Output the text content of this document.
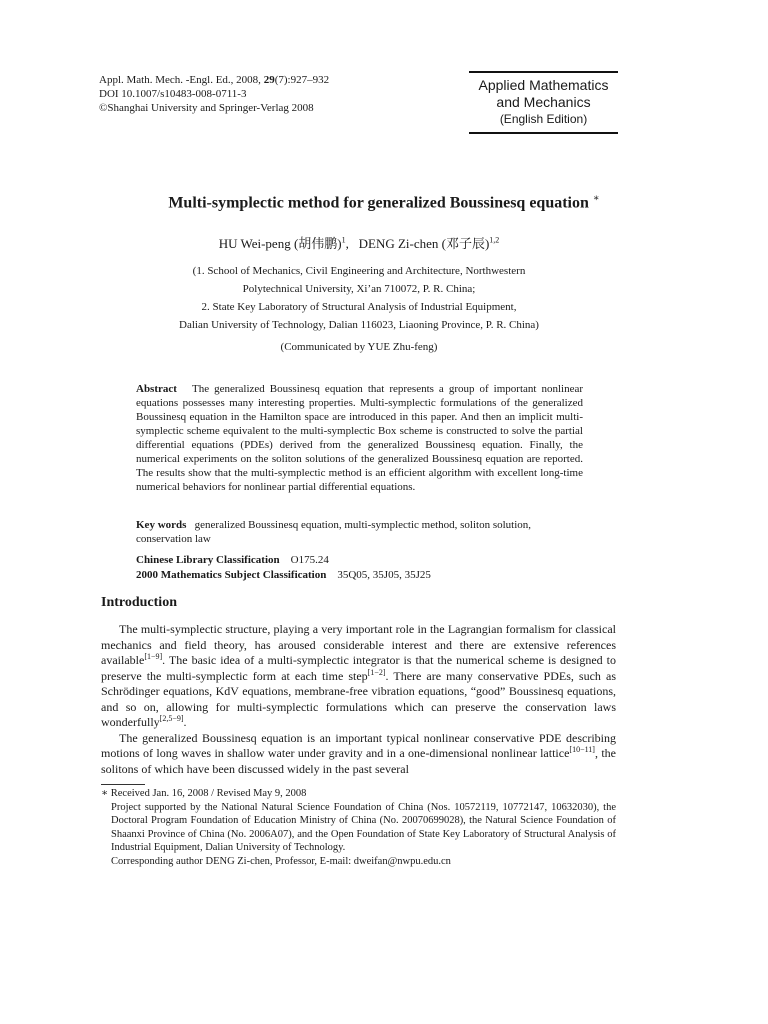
Appl. Math. Mech. -Engl. Ed., 2008, 29(7):927–932
DOI 10.1007/s10483-008-0711-3
©Shanghai University and Springer-Verlag 2008
Applied Mathematics
and Mechanics
(English Edition)
Multi-symplectic method for generalized Boussinesq equation ∗
HU Wei-peng (胡伟鹏)$^1$,   DENG Zi-chen (邓子辰)$^{1,2}$
(1. School of Mechanics, Civil Engineering and Architecture, Northwestern
Polytechnical University, Xi’an 710072, P. R. China;
2. State Key Laboratory of Structural Analysis of Industrial Equipment,
Dalian University of Technology, Dalian 116023, Liaoning Province, P. R. China)
(Communicated by YUE Zhu-feng)
Abstract The generalized Boussinesq equation that represents a group of important nonlinear equations possesses many interesting properties. Multi-symplectic formulations of the generalized Boussinesq equation in the Hamilton space are introduced in this paper. And then an implicit multi-symplectic scheme equivalent to the multi-symplectic Box scheme is constructed to solve the partial differential equations (PDEs) derived from the generalized Boussinesq equation. Finally, the numerical experiments on the soliton solutions of the generalized Boussinesq equation are reported. The results show that the multi-symplectic method is an efficient algorithm with excellent long-time numerical behaviors for nonlinear partial differential equations.
Key words generalized Boussinesq equation, multi-symplectic method, soliton solution, conservation law
Chinese Library Classification O175.24
2000 Mathematics Subject Classification 35Q05, 35J05, 35J25
Introduction

The multi-symplectic structure, playing a very important role in the Lagrangian formalism for classical mechanics and field theory, has aroused considerable interest and there are extensive references available[1−9]. The basic idea of a multi-symplectic integrator is that the numerical scheme is designed to preserve the multi-symplectic form at each time step[1−2]. There are many conservative PDEs, such as Schrödinger equations, KdV equations, membrane-free vibration equations, “good” Boussinesq equations, and so on, allowing for multi-symplectic formulations which can preserve the conservation laws wonderfully[2,5−9].

The generalized Boussinesq equation is an important typical nonlinear conservative PDE describing motions of long waves in shallow water under gravity and in a one-dimensional nonlinear lattice[10−11], the solitons of which have been discussed widely in the past several

∗ Received Jan. 16, 2008 / Revised May 9, 2008
Project supported by the National Natural Science Foundation of China (Nos. 10572119, 10772147, 10632030), the Doctoral Program Foundation of Education Ministry of China (No. 20070699028), the Natural Science Foundation of Shaanxi Province of China (No. 2006A07), and the Open Foundation of State Key Laboratory of Structural Analysis of Industrial Equipment, Dalian University of Technology.
Corresponding author DENG Zi-chen, Professor, E-mail: dweifan@nwpu.edu.cn
